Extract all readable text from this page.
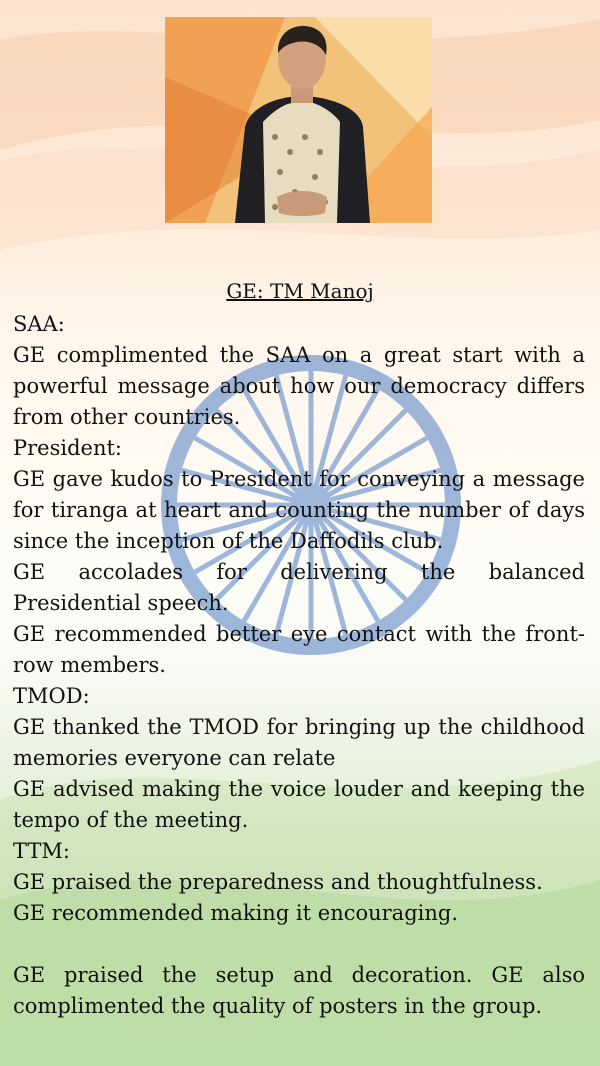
GE: TM Manoj

SAA:

GE complimented the SAA on a great start with a powerful message about how our democracy differs from other countries.

President:

GE gave kudos to President for conveying a message for tiranga at heart and counting the number of days since the inception of the Daffodils club.

GE accolades for delivering the balanced Presidential speech.

GE recommended better eye contact with the front-row members.

TMOD:

GE thanked the TMOD for bringing up the childhood memories everyone can relate

GE advised making the voice louder and keeping the tempo of the meeting.

TTM:

GE praised the preparedness and thoughtfulness.

GE recommended making it encouraging.

GE praised the setup and decoration. GE also complimented the quality of posters in the group.
